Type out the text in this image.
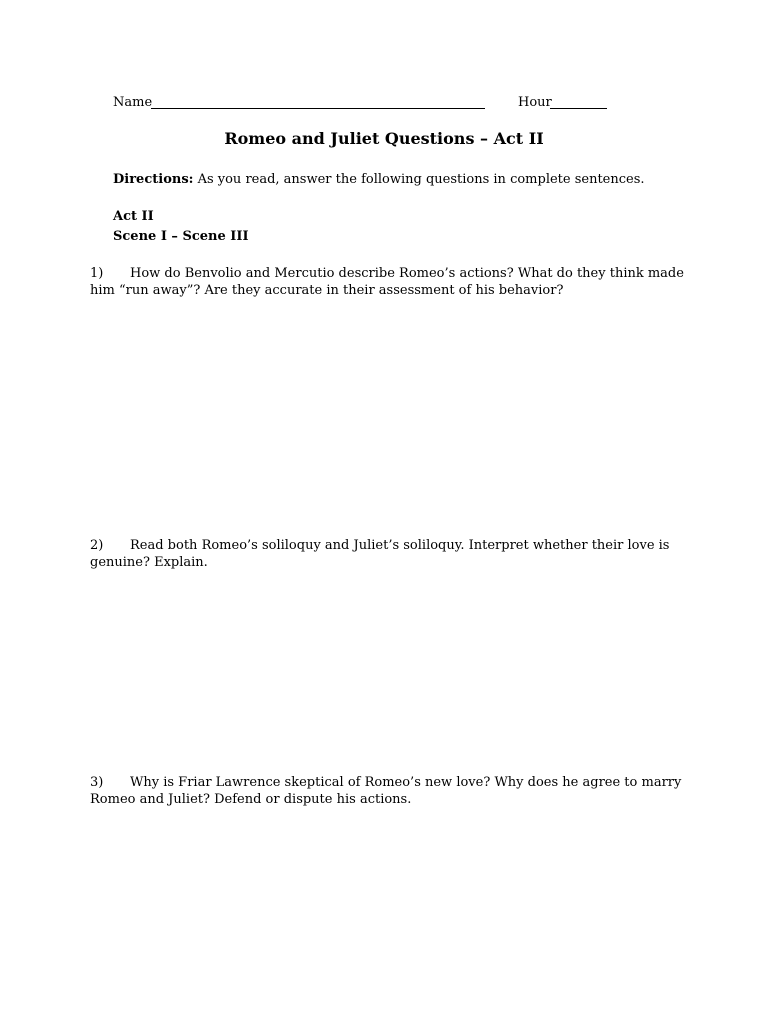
Name	Hour
Romeo and Juliet Questions – Act II
Directions: As you read, answer the following questions in complete sentences.
Act II
Scene I – Scene III
1) How do Benvolio and Mercutio describe Romeo’s actions? What do they think made
him “run away”? Are they accurate in their assessment of his behavior?
2) Read both Romeo’s soliloquy and Juliet’s soliloquy. Interpret whether their love is
genuine? Explain.
3) Why is Friar Lawrence skeptical of Romeo’s new love? Why does he agree to marry
Romeo and Juliet? Defend or dispute his actions.
